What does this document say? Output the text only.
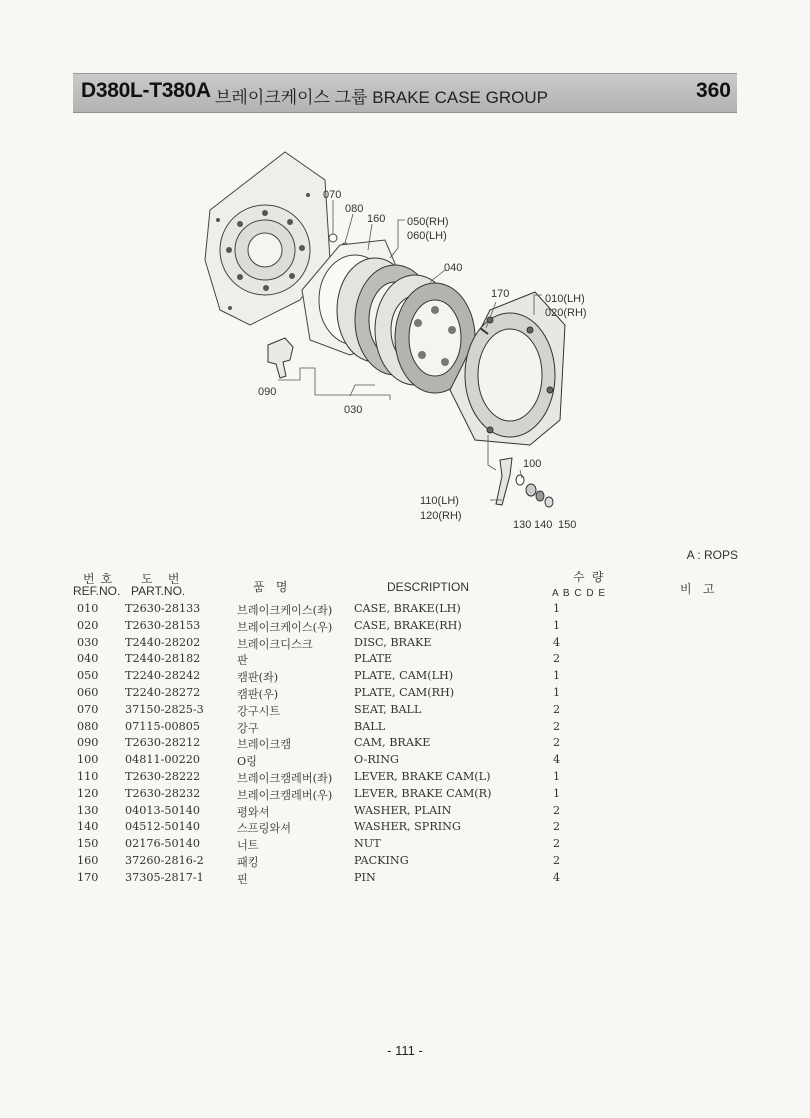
D380L-T380A 브레이크케이스 그룹 BRAKE CASE GROUP	360
070
080
160 050(RH)
060(LH)
040
170	010(LH)
020(RH)
090
030
100
110(LH)
120(RH)
130 140 150
A : ROPS
번호
REF.NO.
도 번
PART.NO.	품 명	DESCRIPTION
수 량
A B C D E	비 고
010 T2630-28133	브레이크케이스(좌) CASE, BRAKE(LH)	1
020 T2630-28153	브레이크케이스(우) CASE, BRAKE(RH)	1
030 T2440-28202	브레이크디스크	DISC, BRAKE	4
040 T2440-28182	판	PLATE	2
050 T2240-28242	캠판(좌)	PLATE, CAM(LH)	1
060 T2240-28272	캠판(우)	PLATE, CAM(RH)	1
070 37150-2825-3	강구시트	SEAT, BALL	2
080 07115-00805	강구	BALL	2
090 T2630-28212	브레이크캠	CAM, BRAKE	2
100 04811-00220	O링	O-RING	4
110 T2630-28222	브레이크캠레버(좌) LEVER, BRAKE CAM(L)	1
120 T2630-28232	브레이크캠레버(우) LEVER, BRAKE CAM(R)	1
130 04013-50140	평와셔	WASHER, PLAIN	2
140 04512-50140	스프링와셔	WASHER, SPRING	2
150 02176-50140	너트	NUT	2
160 37260-2816-2	패킹	PACKING	2
170 37305-2817-1	핀	PIN	4
- 111 -
